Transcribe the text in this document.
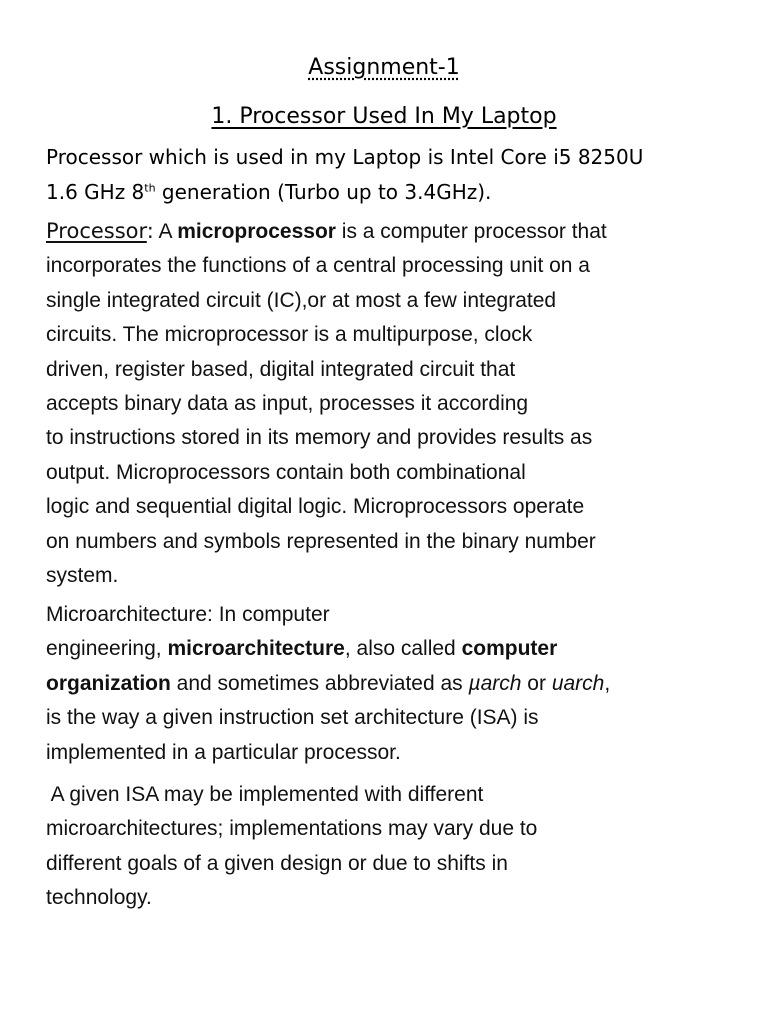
Assignment-1
1. Processor Used In My Laptop
Processor which is used in my Laptop is Intel Core i5 8250U
1.6 GHz 8th generation (Turbo up to 3.4GHz).
Processor: A microprocessor is a computer processor that
incorporates the functions of a central processing unit on a
single integrated circuit (IC),or at most a few integrated
circuits. The microprocessor is a multipurpose, clock
driven, register based, digital integrated circuit that
accepts binary data as input, processes it according
to instructions stored in its memory and provides results as
output. Microprocessors contain both combinational
logic and sequential digital logic. Microprocessors operate
on numbers and symbols represented in the binary number
system.
Microarchitecture: In computer
engineering, microarchitecture, also called computer
organization and sometimes abbreviated as µarch or uarch,
is the way a given instruction set architecture (ISA) is
implemented in a particular processor.
A given ISA may be implemented with different
microarchitectures; implementations may vary due to
different goals of a given design or due to shifts in
technology.
